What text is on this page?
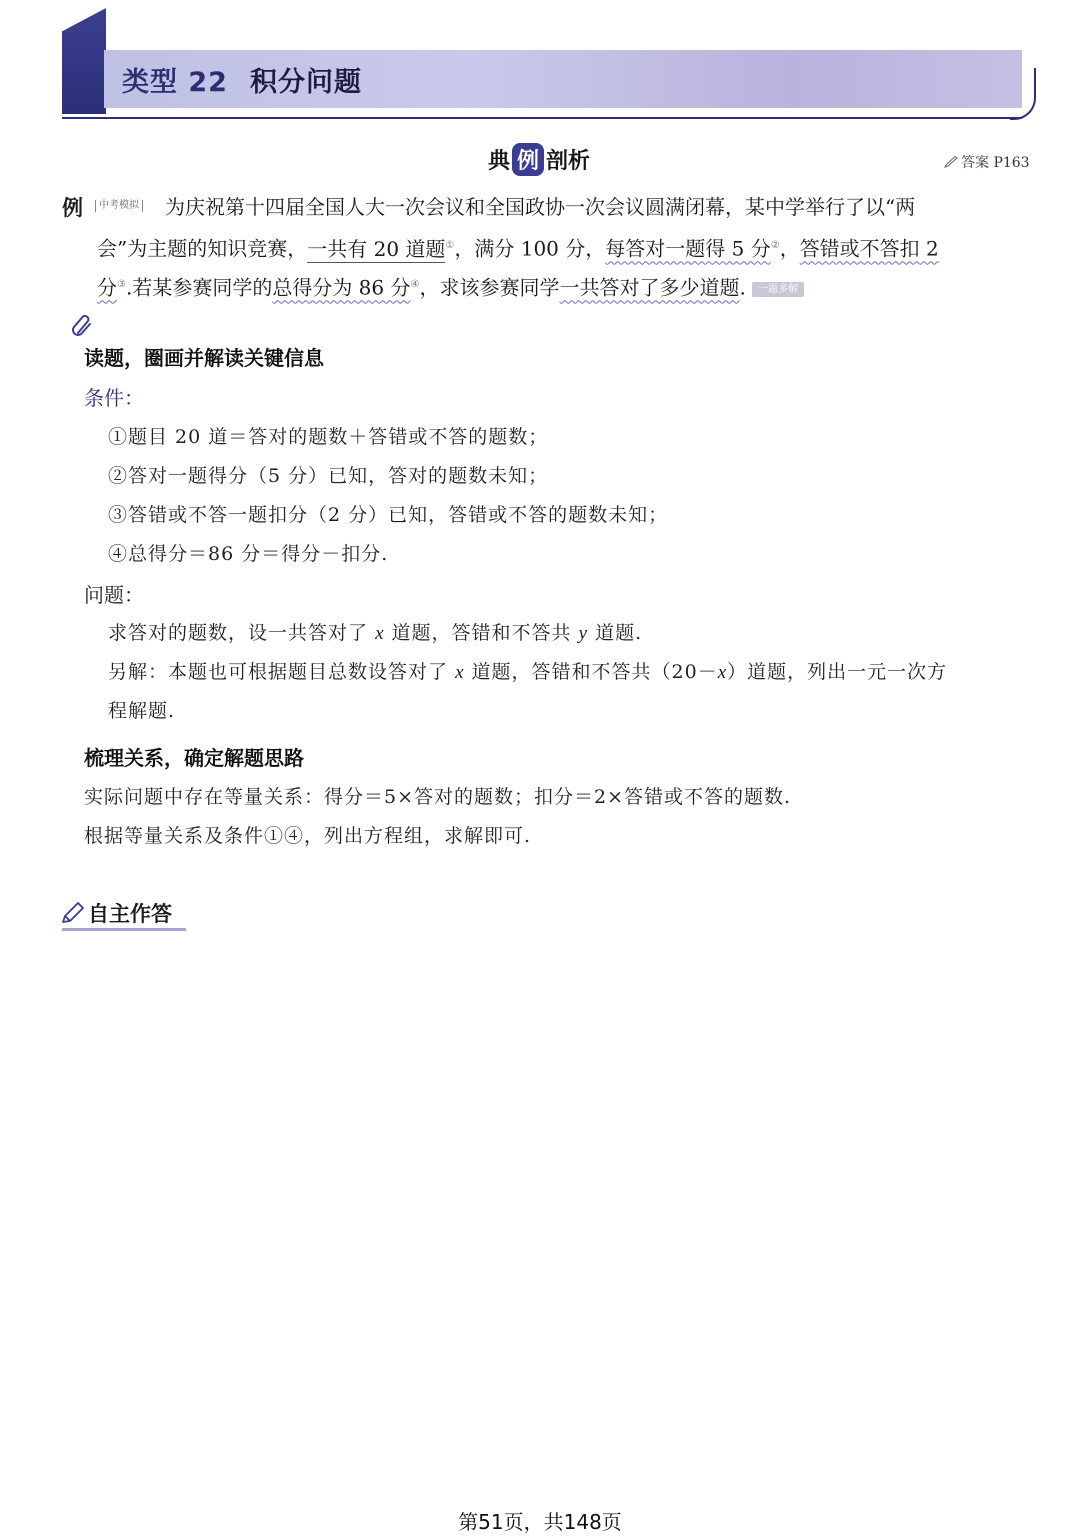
类型 22 积分问题
典 例 剖析	答案 P163
例	中考模拟 为庆祝第十四届全国人大一次会议和全国政协一次会议圆满闭幕，某中学举行了以“两
会”为主题的知识竞赛，一共有 20 道题①，满分 100 分，每答对一题得 5 分②，答错或不答扣 2
分③.若某参赛同学的总得分为 86 分④，求该参赛同学一共答对了多少道题. 一题多解
读题，圈画并解读关键信息
条件：
①题目 20 道＝答对的题数＋答错或不答的题数；
②答对一题得分（5 分）已知，答对的题数未知；
③答错或不答一题扣分（2 分）已知，答错或不答的题数未知；
④总得分＝86 分＝得分－扣分.
问题：
求答对的题数，设一共答对了 x 道题，答错和不答共 y 道题.
另解：本题也可根据题目总数设答对了 x 道题，答错和不答共（20－x）道题，列出一元一次方
程解题.
梳理关系，确定解题思路
实际问题中存在等量关系：得分＝5×答对的题数；扣分＝2×答错或不答的题数.
根据等量关系及条件①④，列出方程组，求解即可.
自主作答
第51页，共148页
